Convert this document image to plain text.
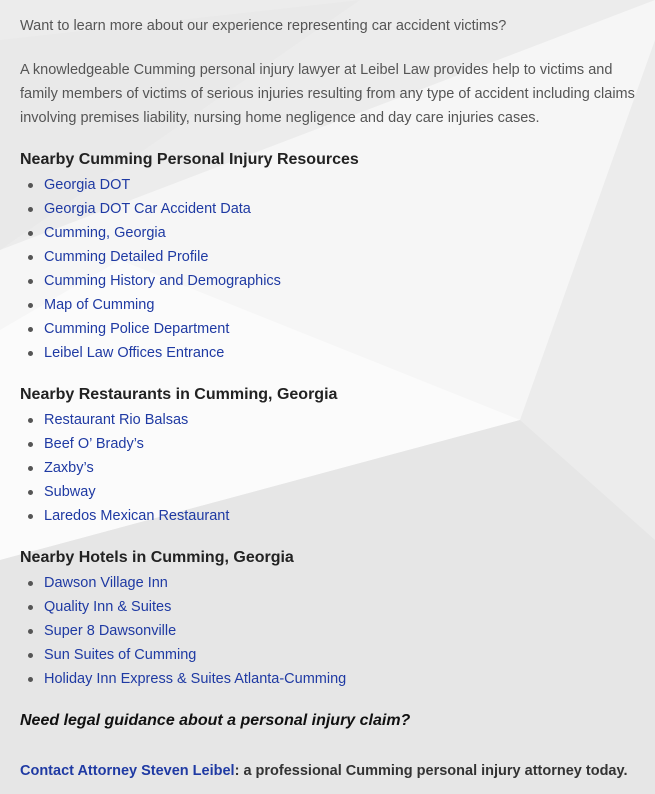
Want to learn more about our experience representing car accident victims?

A knowledgeable Cumming personal injury lawyer at Leibel Law provides help to victims and family members of victims of serious injuries resulting from any type of accident including claims involving premises liability, nursing home negligence and day care injuries cases.

Nearby Cumming Personal Injury Resources
Georgia DOT
Georgia DOT Car Accident Data
Cumming, Georgia
Cumming Detailed Profile
Cumming History and Demographics
Map of Cumming
Cumming Police Department
Leibel Law Offices Entrance
Nearby Restaurants in Cumming, Georgia
Restaurant Rio Balsas
Beef O’ Brady’s
Zaxby’s
Subway
Laredos Mexican Restaurant
Nearby Hotels in Cumming, Georgia
Dawson Village Inn
Quality Inn & Suites
Super 8 Dawsonville
Sun Suites of Cumming
Holiday Inn Express & Suites Atlanta-Cumming

Need legal guidance about a personal injury claim?

Contact Attorney Steven Leibel: a professional Cumming personal injury attorney today.
